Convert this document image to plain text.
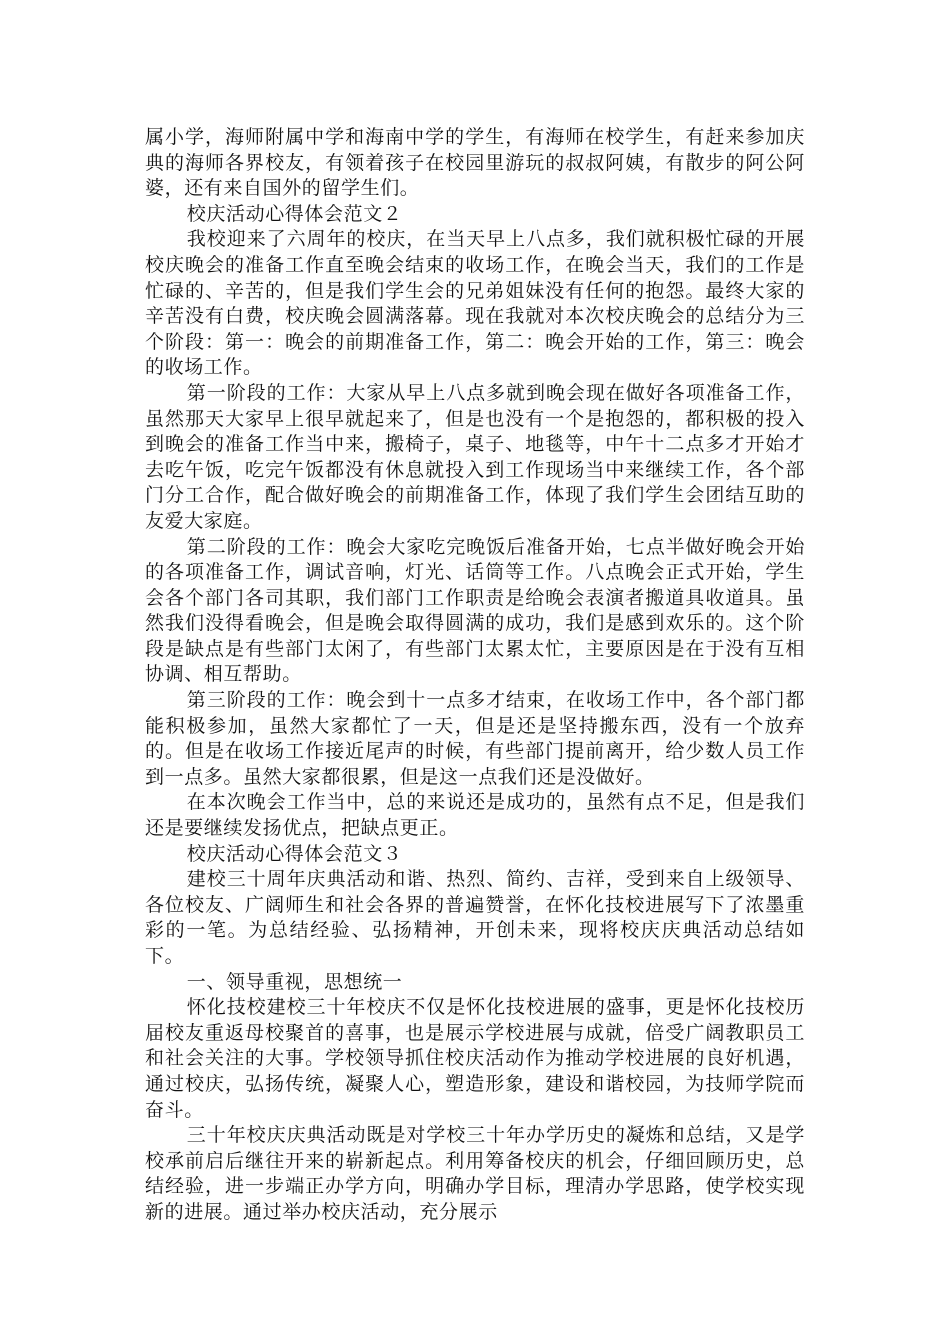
属小学，海师附属中学和海南中学的学生，有海师在校学生，有赶来参加庆典的海师各界校友，有领着孩子在校园里游玩的叔叔阿姨，有散步的阿公阿婆，还有来自国外的留学生们。

校庆活动心得体会范文２

我校迎来了六周年的校庆，在当天早上八点多，我们就积极忙碌的开展校庆晚会的准备工作直至晚会结束的收场工作，在晚会当天，我们的工作是忙碌的、辛苦的，但是我们学生会的兄弟姐妹没有任何的抱怨。最终大家的辛苦没有白费，校庆晚会圆满落幕。现在我就对本次校庆晚会的总结分为三个阶段：第一：晚会的前期准备工作，第二：晚会开始的工作，第三：晚会的收场工作。

第一阶段的工作：大家从早上八点多就到晚会现在做好各项准备工作，虽然那天大家早上很早就起来了，但是也没有一个是抱怨的，都积极的投入到晚会的准备工作当中来，搬椅子，桌子、地毯等，中午十二点多才开始才去吃午饭，吃完午饭都没有休息就投入到工作现场当中来继续工作，各个部门分工合作，配合做好晚会的前期准备工作，体现了我们学生会团结互助的友爱大家庭。

第二阶段的工作：晚会大家吃完晚饭后准备开始，七点半做好晚会开始的各项准备工作，调试音响，灯光、话筒等工作。八点晚会正式开始，学生会各个部门各司其职，我们部门工作职责是给晚会表演者搬道具收道具。虽然我们没得看晚会，但是晚会取得圆满的成功，我们是感到欢乐的。这个阶段是缺点是有些部门太闲了，有些部门太累太忙，主要原因是在于没有互相协调、相互帮助。

第三阶段的工作：晚会到十一点多才结束，在收场工作中，各个部门都能积极参加，虽然大家都忙了一天，但是还是坚持搬东西，没有一个放弃的。但是在收场工作接近尾声的时候，有些部门提前离开，给少数人员工作到一点多。虽然大家都很累，但是这一点我们还是没做好。

在本次晚会工作当中，总的来说还是成功的，虽然有点不足，但是我们还是要继续发扬优点，把缺点更正。

校庆活动心得体会范文３

建校三十周年庆典活动和谐、热烈、简约、吉祥，受到来自上级领导、各位校友、广阔师生和社会各界的普遍赞誉，在怀化技校进展写下了浓墨重彩的一笔。为总结经验、弘扬精神，开创未来，现将校庆庆典活动总结如下。

一、领导重视，思想统一

怀化技校建校三十年校庆不仅是怀化技校进展的盛事，更是怀化技校历届校友重返母校聚首的喜事，也是展示学校进展与成就，倍受广阔教职员工和社会关注的大事。学校领导抓住校庆活动作为推动学校进展的良好机遇，通过校庆，弘扬传统，凝聚人心，塑造形象，建设和谐校园，为技师学院而奋斗。

三十年校庆庆典活动既是对学校三十年办学历史的凝炼和总结，又是学校承前启后继往开来的崭新起点。利用筹备校庆的机会，仔细回顾历史，总结经验，进一步端正办学方向，明确办学目标，理清办学思路，使学校实现新的进展。通过举办校庆活动，充分展示
